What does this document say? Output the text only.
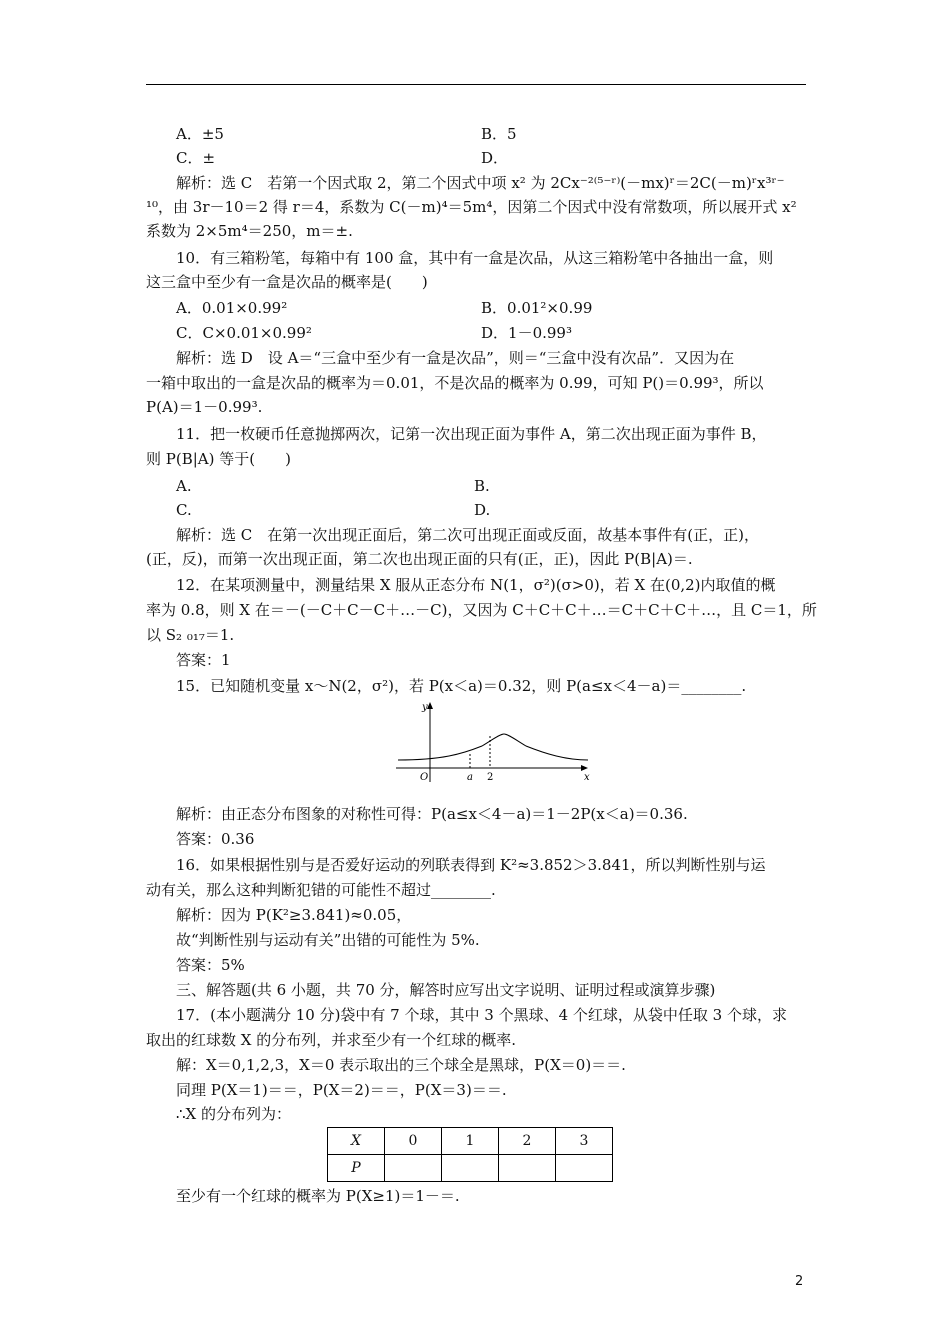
A．±5	B．5
C．±	D．
解析：选 C　若第一个因式取 2，第二个因式中项 x² 为 2Cx⁻²⁽⁵⁻ʳ⁾(－mx)ʳ＝2C(－m)ʳx³ʳ⁻
¹⁰，由 3r－10＝2 得 r＝4，系数为 C(－m)⁴＝5m⁴，因第二个因式中没有常数项，所以展开式 x²
系数为 2×5m⁴＝250，m＝±.
10．有三箱粉笔，每箱中有 100 盒，其中有一盒是次品，从这三箱粉笔中各抽出一盒，则
这三盒中至少有一盒是次品的概率是(　　)
A．0.01×0.99²	B．0.01²×0.99
C．C×0.01×0.99²	D．1－0.99³
解析：选 D　设 A＝“三盒中至少有一盒是次品”，则＝“三盒中没有次品”．又因为在
一箱中取出的一盒是次品的概率为＝0.01，不是次品的概率为 0.99，可知 P()＝0.99³，所以
P(A)＝1－0.99³.
11．把一枚硬币任意抛掷两次，记第一次出现正面为事件 A，第二次出现正面为事件 B，
则 P(B|A) 等于(　　)
A.	B.
C.	D.
解析：选 C　在第一次出现正面后，第二次可出现正面或反面，故基本事件有(正，正)，
(正，反)，而第一次出现正面，第二次也出现正面的只有(正，正)，因此 P(B|A)＝.
12．在某项测量中，测量结果 X 服从正态分布 N(1，σ²)(σ>0)，若 X 在(0,2)内取值的概
率为 0.8，则 X 在＝－(－C＋C－C＋…－C)，又因为 C＋C＋C＋…＝C＋C＋C＋…，且 C＝1，所
以 S₂ ₀₁₇＝1.
答案：1
15．已知随机变量 x～N(2，σ²)，若 P(x＜a)＝0.32，则 P(a≤x＜4－a)＝________.
y
x
O	a 2
解析：由正态分布图象的对称性可得：P(a≤x＜4－a)＝1－2P(x＜a)＝0.36.
答案：0.36
16．如果根据性别与是否爱好运动的列联表得到 K²≈3.852＞3.841，所以判断性别与运
动有关，那么这种判断犯错的可能性不超过________.
解析：因为 P(K²≥3.841)≈0.05，
故“判断性别与运动有关”出错的可能性为 5%.
答案：5%
三、解答题(共 6 小题，共 70 分，解答时应写出文字说明、证明过程或演算步骤)
17．(本小题满分 10 分)袋中有 7 个球，其中 3 个黑球、4 个红球，从袋中任取 3 个球，求
取出的红球数 X 的分布列，并求至少有一个红球的概率.
解：X＝0,1,2,3，X＝0 表示取出的三个球全是黑球，P(X＝0)＝＝.
同理 P(X＝1)＝＝，P(X＝2)＝＝，P(X＝3)＝＝.
∴X 的分布列为：
X	0	1	2	3
P				
至少有一个红球的概率为 P(X≥1)＝1－＝.
2
